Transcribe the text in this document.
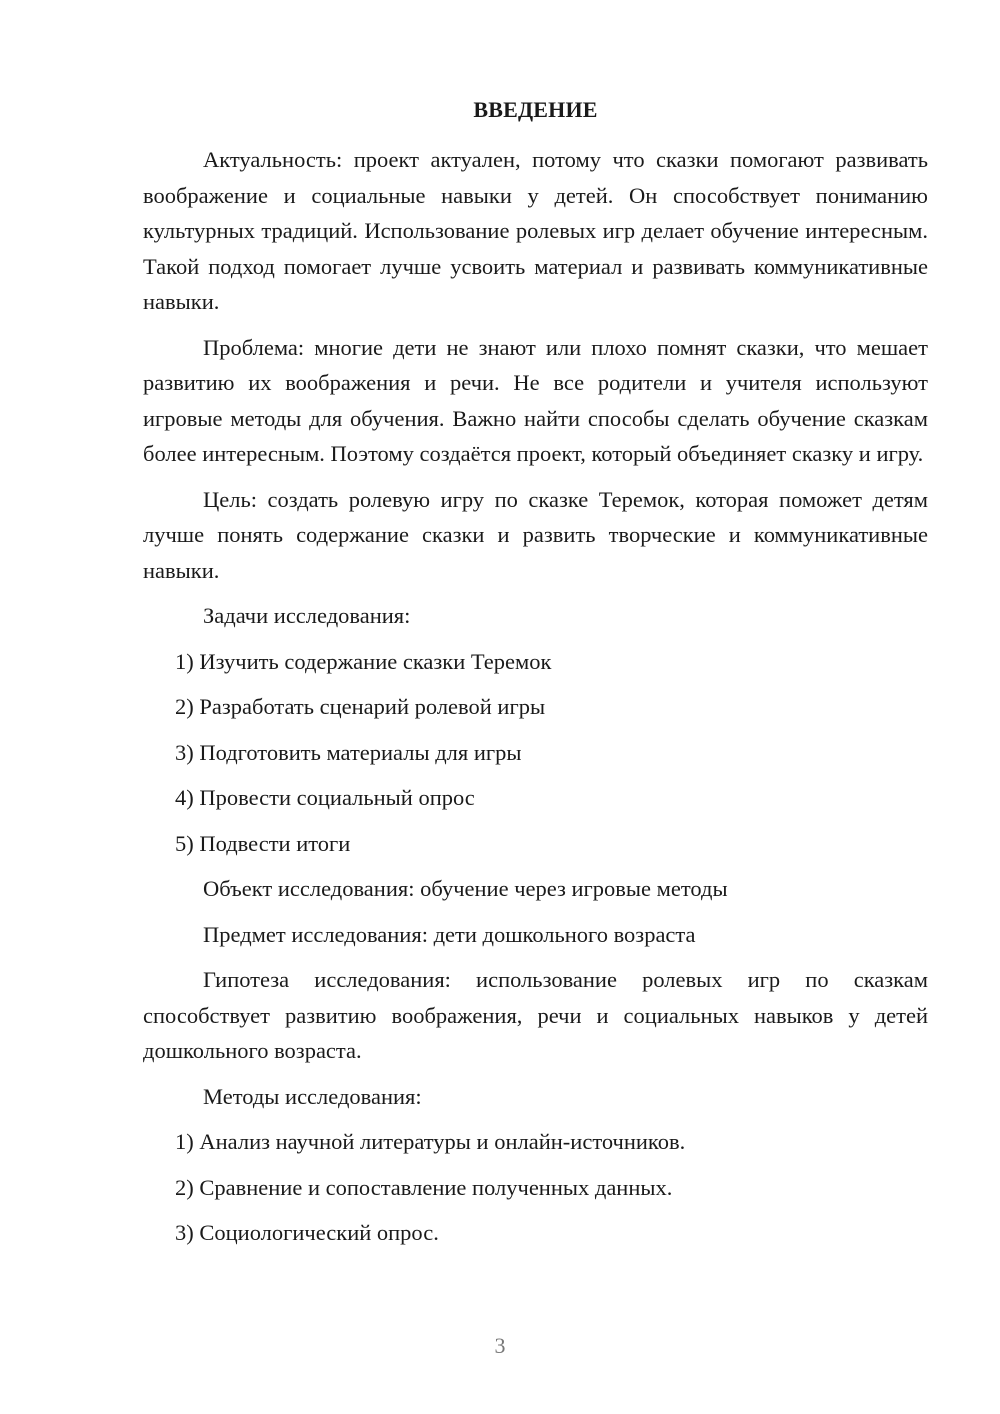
ВВЕДЕНИЕ

Актуальность: проект актуален, потому что сказки помогают развивать воображение и социальные навыки у детей. Он способствует пониманию культурных традиций. Использование ролевых игр делает обучение интересным. Такой подход помогает лучше усвоить материал и развивать коммуникативные навыки.

Проблема: многие дети не знают или плохо помнят сказки, что мешает развитию их воображения и речи. Не все родители и учителя используют игровые методы для обучения. Важно найти способы сделать обучение сказкам более интересным. Поэтому создаётся проект, который объединяет сказку и игру.

Цель: создать ролевую игру по сказке Теремок, которая поможет детям лучше понять содержание сказки и развить творческие и коммуникативные навыки.

Задачи исследования:

1) Изучить содержание сказки Теремок
2) Разработать сценарий ролевой игры
3) Подготовить материалы для игры
4) Провести социальный опрос
5) Подвести итоги

Объект исследования: обучение через игровые методы

Предмет исследования: дети дошкольного возраста

Гипотеза исследования: использование ролевых игр по сказкам способствует развитию воображения, речи и социальных навыков у детей дошкольного возраста.

Методы исследования:

1) Анализ научной литературы и онлайн-источников.
2) Сравнение и сопоставление полученных данных.
3) Социологический опрос.
3
